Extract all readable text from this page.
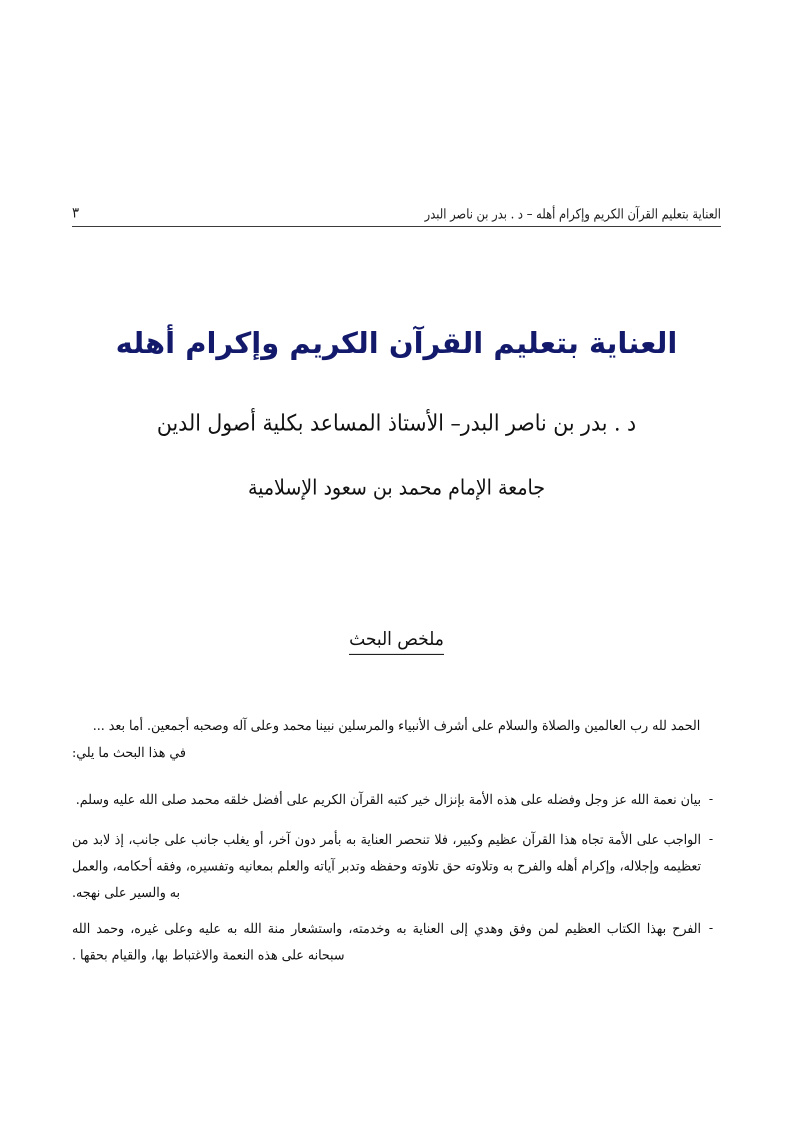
العناية بتعليم القرآن الكريم وإكرام أهله – د . بدر بن ناصر البدر
٣
العناية بتعليم القرآن الكريم وإكرام أهله
د . بدر بن ناصر البدر– الأستاذ المساعد بكلية أصول الدين
جامعة الإمام محمد بن سعود الإسلامية
ملخص البحث

الحمد لله رب العالمين والصلاة والسلام على أشرف الأنبياء والمرسلين نبينا محمد وعلى آله وصحبه أجمعين. أما بعد ...

في هذا البحث ما يلي:

-
بيان نعمة الله عز وجل وفضله على هذه الأمة بإنزال خير كتبه القرآن الكريم على أفضل خلقه محمد صلى الله عليه وسلم.
-
الواجب على الأمة تجاه هذا القرآن عظيم وكبير، فلا تنحصر العناية به بأمر دون آخر، أو يغلب جانب على جانب، إذ لابد من تعظيمه وإجلاله، وإكرام أهله والفرح به وتلاوته حق تلاوته وحفظه وتدبر آياته والعلم بمعانيه وتفسيره، وفقه أحكامه، والعمل به والسير على نهجه.
-
الفرح بهذا الكتاب العظيم لمن وفق وهدي إلى العناية به وخدمته، واستشعار منة الله به عليه وعلى غيره، وحمد الله سبحانه على هذه النعمة والاغتباط بها، والقيام بحقها .
